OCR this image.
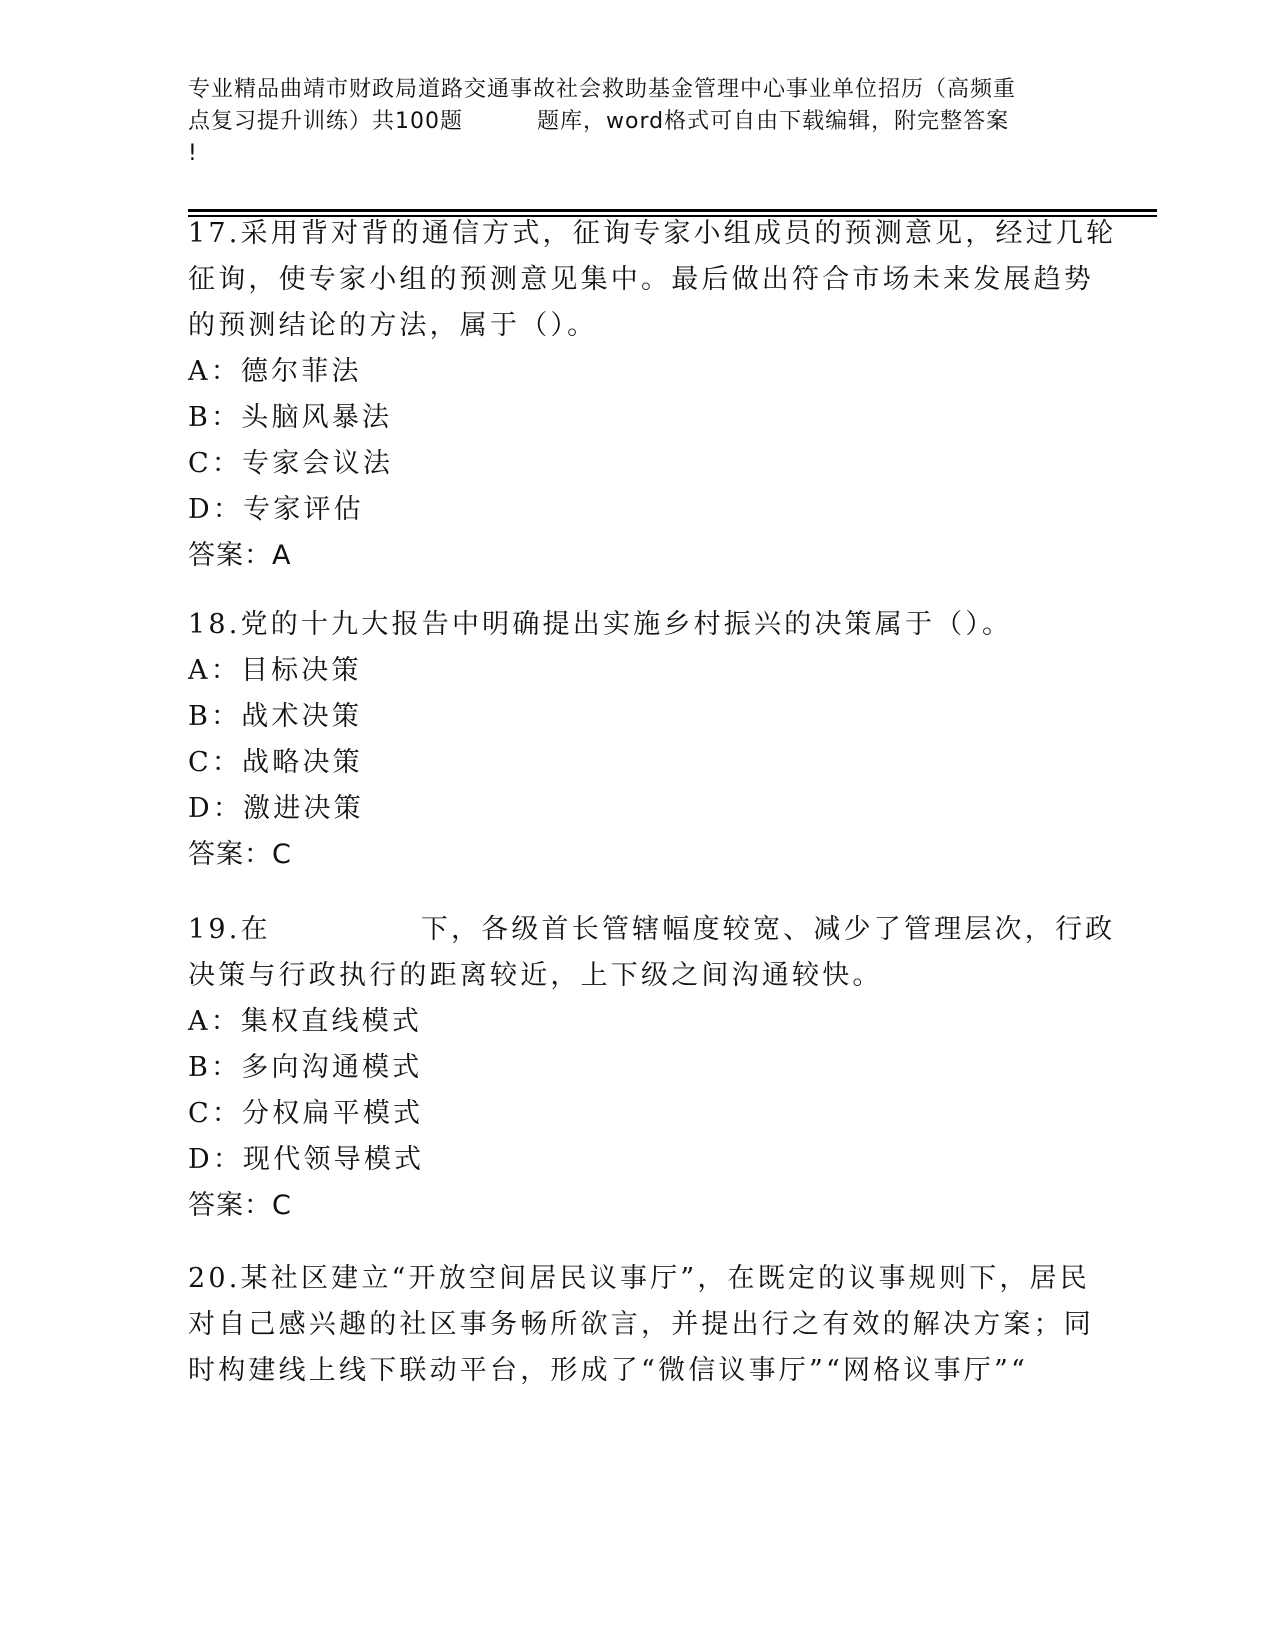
专业精品曲靖市财政局道路交通事故社会救助基金管理中心事业单位招历（高频重
点复习提升训练）共100题	题库，word格式可自由下载编辑，附完整答案
!
17.采用背对背的通信方式，征询专家小组成员的预测意见，经过几轮
征询，使专家小组的预测意见集中。最后做出符合市场未来发展趋势
的预测结论的方法，属于（）。
A：德尔菲法
B：头脑风暴法
C：专家会议法
D：专家评估
答案：A
18.党的十九大报告中明确提出实施乡村振兴的决策属于（）。
A：目标决策
B：战术决策
C：战略决策
D：激进决策
答案：C
19.在	下，各级首长管辖幅度较宽、减少了管理层次，行政
决策与行政执行的距离较近，上下级之间沟通较快。
A：集权直线模式
B：多向沟通模式
C：分权扁平模式
D：现代领导模式
答案：C
20.某社区建立“开放空间居民议事厅”，在既定的议事规则下，居民
对自己感兴趣的社区事务畅所欲言，并提出行之有效的解决方案；同
时构建线上线下联动平台，形成了“微信议事厅”“网格议事厅”“
